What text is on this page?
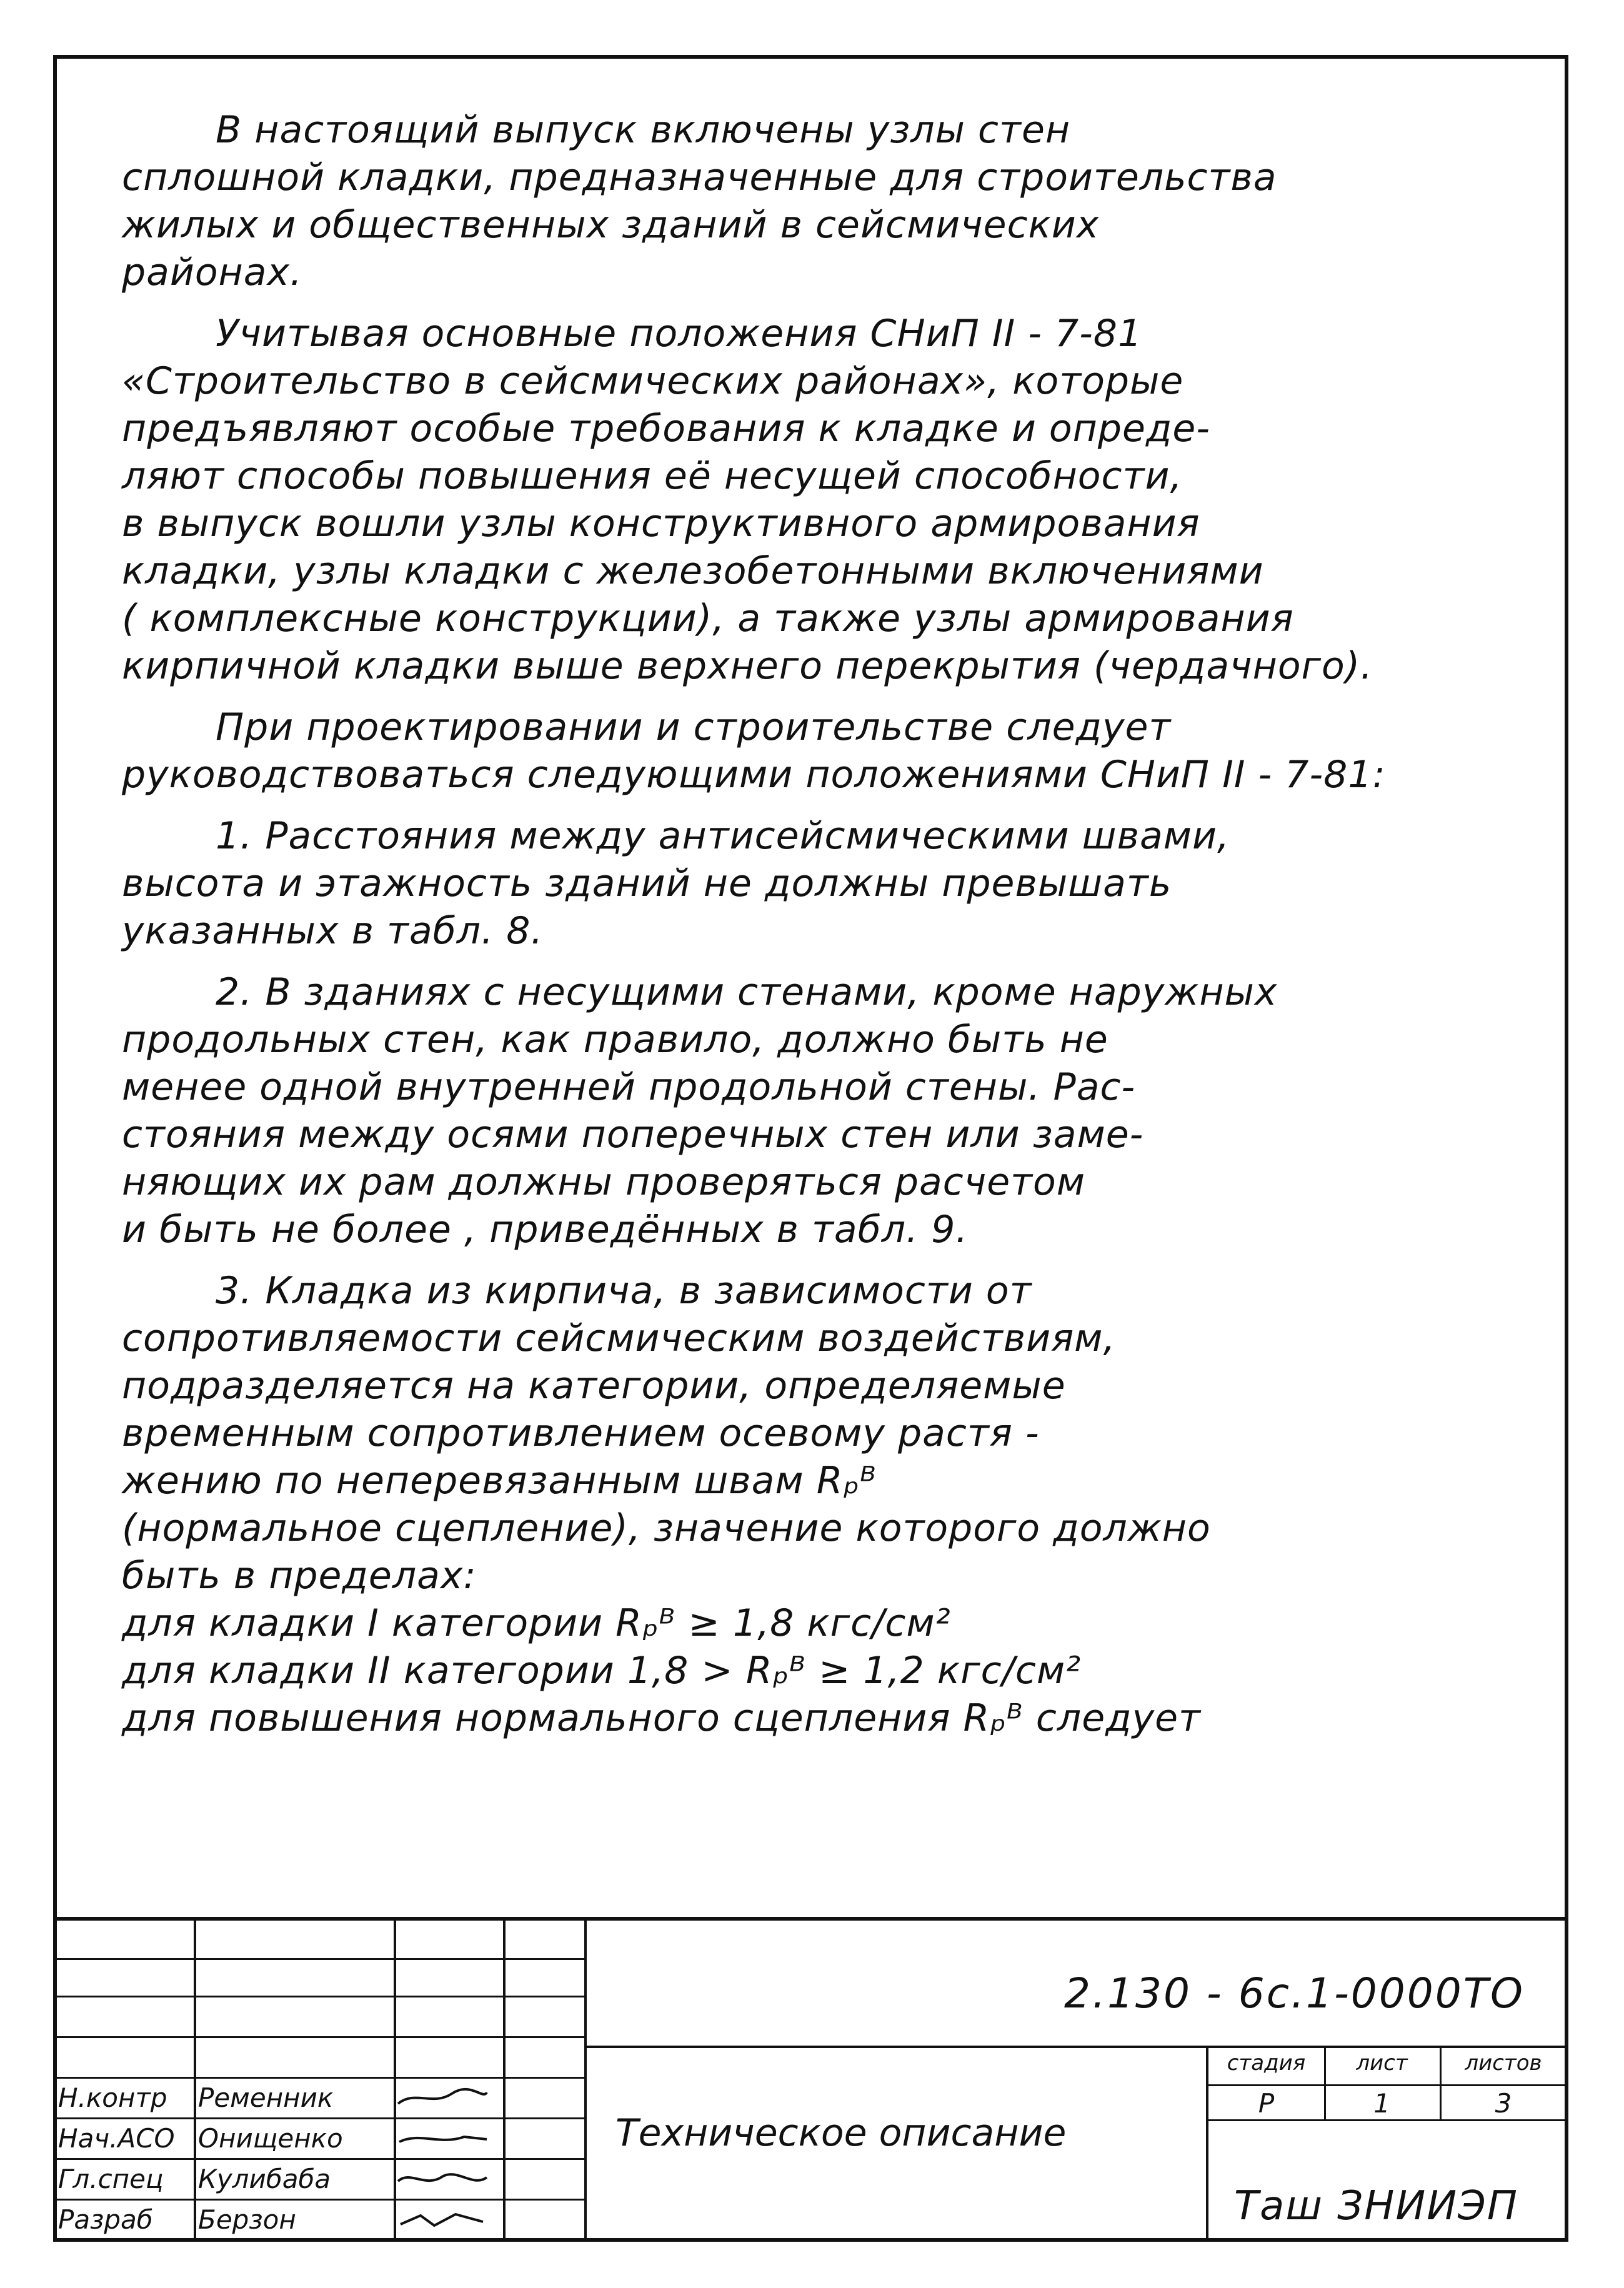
В настоящий выпуск включены узлы стен
сплошной кладки, предназначенные для строительства
жилых и общественных зданий в сейсмических
районах.

Учитывая основные положения СНиП II - 7-81
«Строительство в сейсмических районах», которые
предъявляют особые требования к кладке и опреде-
ляют способы повышения её несущей способности,
в выпуск вошли узлы конструктивного армирования
кладки, узлы кладки с железобетонными включениями
( комплексные конструкции), а также узлы армирования
кирпичной кладки выше верхнего перекрытия (чердачного).

При проектировании и строительстве следует
руководствоваться следующими положениями СНиП II - 7-81:

1. Расстояния между антисейсмическими швами,
высота и этажность зданий не должны превышать
указанных в табл. 8.

2. В зданиях с несущими стенами, кроме наружных
продольных стен, как правило, должно быть не
менее одной внутренней продольной стены. Рас-
стояния между осями поперечных стен или заме-
няющих их рам должны проверяться расчетом
и быть не более , приведённых в табл. 9.

3. Кладка из кирпича, в зависимости от
сопротивляемости сейсмическим воздействиям,
подразделяется на категории, определяемые
временным сопротивлением осевому растя -
жению по неперевязанным швам Rₚᴮ
(нормальное сцепление), значение которого должно
быть в пределах:
для кладки I категории Rₚᴮ ≥ 1,8 кгс/см²
для кладки II категории 1,8 > Rₚᴮ ≥ 1,2 кгс/см²
для повышения нормального сцепления Rₚᴮ следует

Н.контр Ременник
Нач.АСО Онищенко
Гл.спец Кулибаба
Разраб Берзон
2.130 - 6с.1-0000ТО
Техническое описание
стадия	лист	листов
Р	1	3
Таш ЗНИИЭП
